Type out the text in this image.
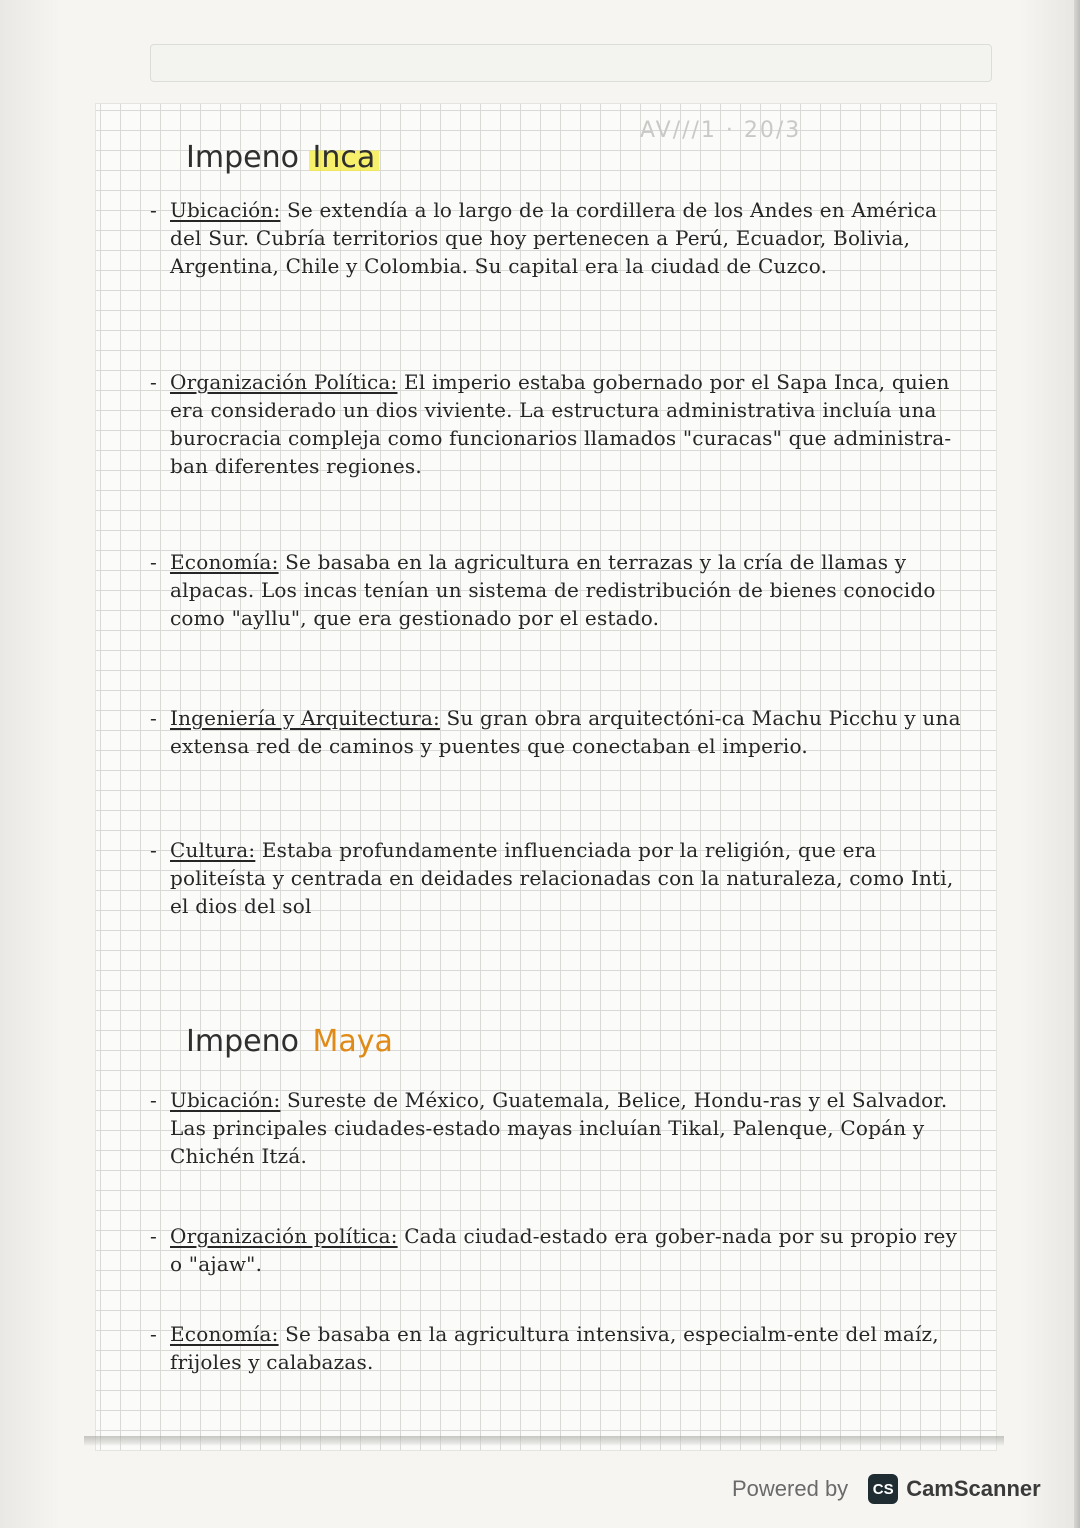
AV///1 · 20/3
Impeno Inca

- Ubicación: Se extendía a lo largo de la cordillera de los Andes en América del Sur. Cubría territorios que hoy pertenecen a Perú, Ecuador, Bolivia, Argentina, Chile y Colombia. Su capital era la ciudad de Cuzco.

- Organización Política: El imperio estaba gobernado por el Sapa Inca, quien era considerado un dios viviente. La estructura administrativa incluía una burocracia compleja como funcionarios llamados "curacas" que administra-ban diferentes regiones.

- Economía: Se basaba en la agricultura en terrazas y la cría de llamas y alpacas. Los incas tenían un sistema de redistribución de bienes conocido como "ayllu", que era gestionado por el estado.

- Ingeniería y Arquitectura: Su gran obra arquitectóni-ca Machu Picchu y una extensa red de caminos y puentes que conectaban el imperio.

- Cultura: Estaba profundamente influenciada por la religión, que era politeísta y centrada en deidades relacionadas con la naturaleza, como Inti, el dios del sol

Impeno Maya

- Ubicación: Sureste de México, Guatemala, Belice, Hondu-ras y el Salvador. Las principales ciudades-estado mayas incluían Tikal, Palenque, Copán y Chichén Itzá.

- Organización política: Cada ciudad-estado era gober-nada por su propio rey o "ajaw".

- Economía: Se basaba en la agricultura intensiva, especialm-ente del maíz, frijoles y calabazas.

Powered by	CS CamScanner
